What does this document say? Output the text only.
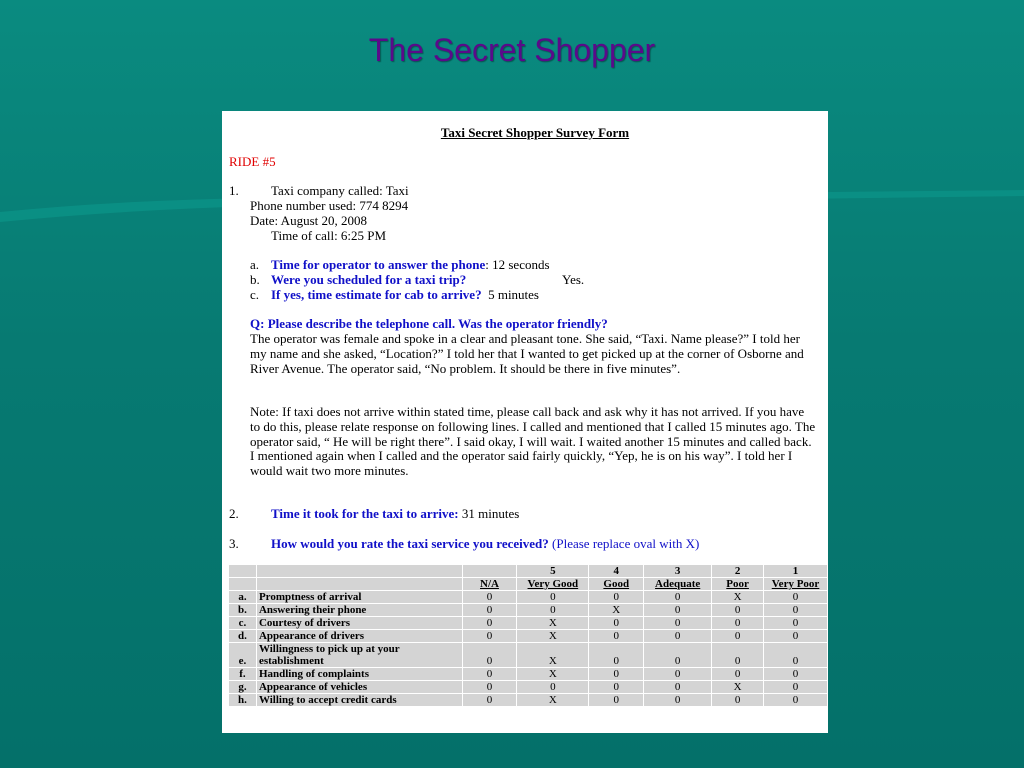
The Secret Shopper
Taxi Secret Shopper Survey Form
RIDE #5
1. Taxi company called: Taxi
Phone number used: 774 8294
Date: August 20, 2008
Time of call: 6:25 PM
a. Time for operator to answer the phone: 12 seconds
b. Were you scheduled for a taxi trip?	Yes.
c. If yes, time estimate for cab to arrive? 5 minutes
Q: Please describe the telephone call. Was the operator friendly?
The operator was female and spoke in a clear and pleasant tone. She said, “Taxi. Name please?” I told her my name and she asked, “Location?” I told her that I wanted to get picked up at the corner of Osborne and River Avenue. The operator said, “No problem. It should be there in five minutes”.
Note: If taxi does not arrive within stated time, please call back and ask why it has not arrived. If you have to do this, please relate response on following lines. I called and mentioned that I called 15 minutes ago. The operator said, “ He will be right there”. I said okay, I will wait. I waited another 15 minutes and called back. I mentioned again when I called and the operator said fairly quickly, “Yep, he is on his way”. I told her I would wait two more minutes.
2. Time it took for the taxi to arrive: 31 minutes
3. How would you rate the taxi service you received? (Please replace oval with X)
			5	4	3	2	1
		N/A	Very Good	Good	Adequate	Poor	Very Poor
a.	Promptness of arrival	0	0	0	0	X	0
b.	Answering their phone	0	0	X	0	0	0
c.	Courtesy of drivers	0	X	0	0	0	0
d.	Appearance of drivers	0	X	0	0	0	0
e.	Willingness to pick up at your establishment	0	X	0	0	0	0
f.	Handling of complaints	0	X	0	0	0	0
g.	Appearance of vehicles	0	0	0	0	X	0
h.	Willing to accept credit cards	0	X	0	0	0	0
